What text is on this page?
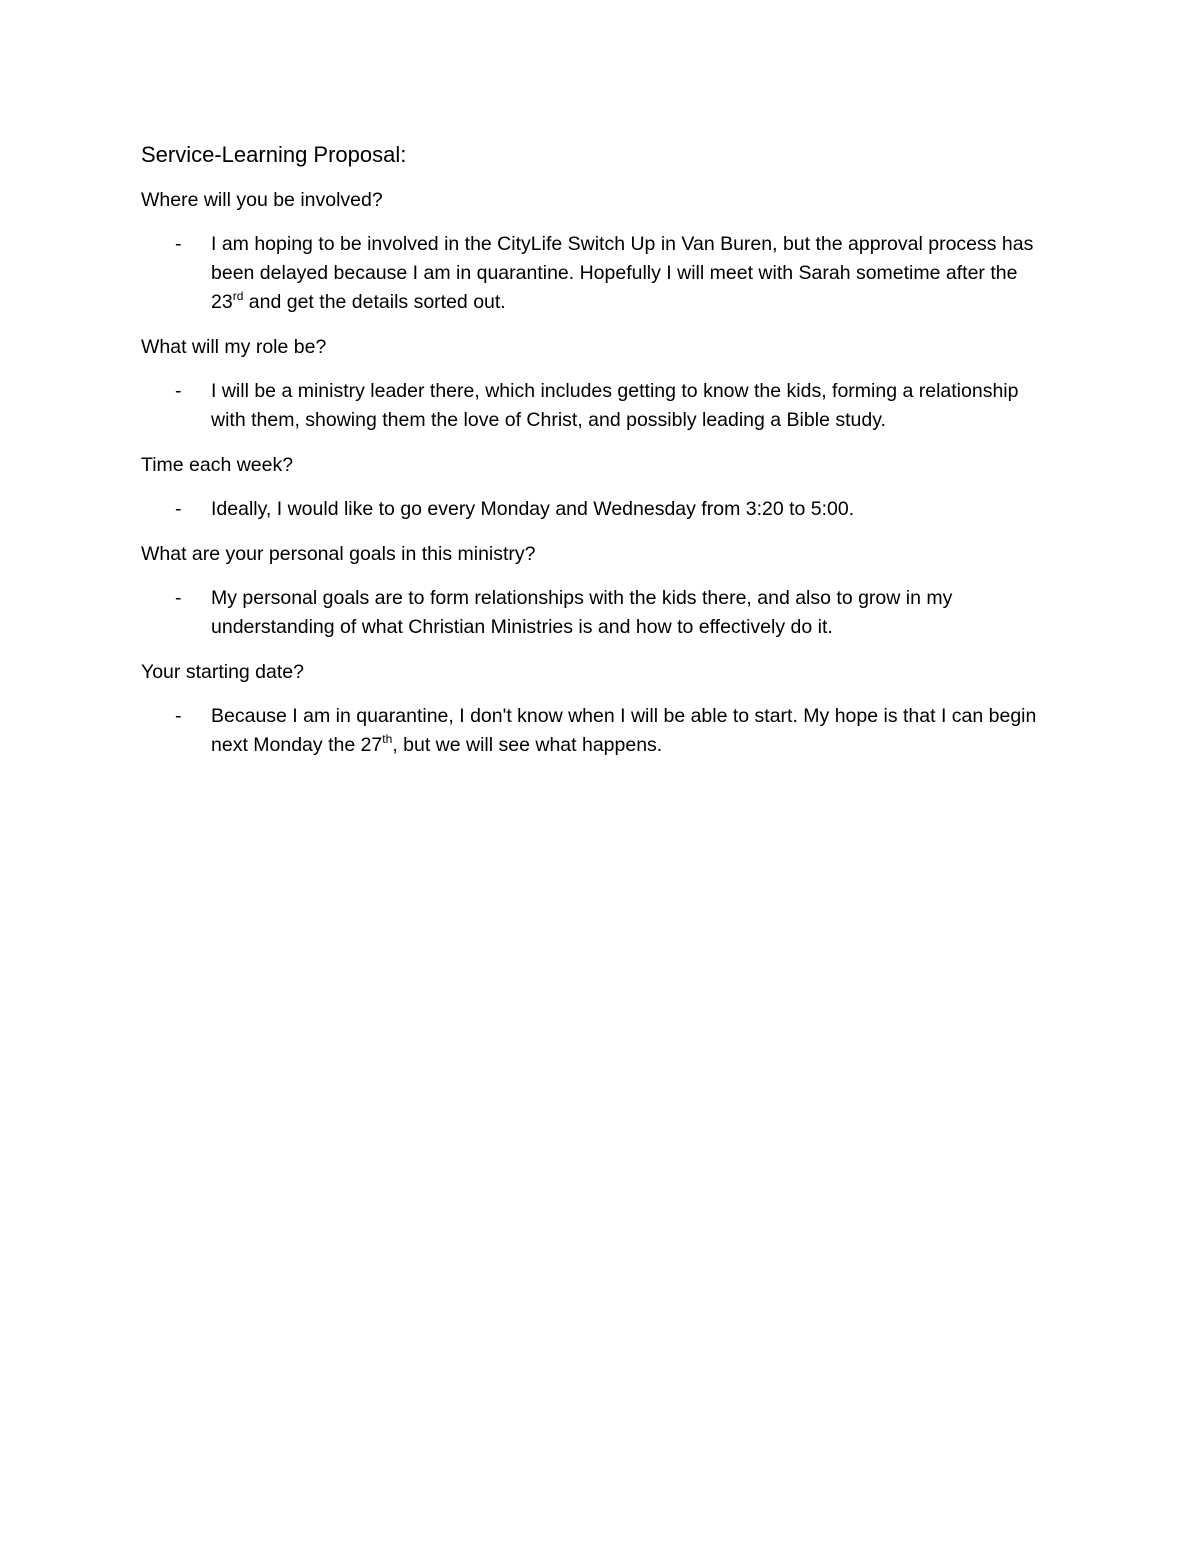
Service-Learning Proposal:
Where will you be involved?
-	I am hoping to be involved in the CityLife Switch Up in Van Buren, but the approval process has been delayed because I am in quarantine. Hopefully I will meet with Sarah sometime after the 23rd and get the details sorted out.
What will my role be?
-	I will be a ministry leader there, which includes getting to know the kids, forming a relationship with them, showing them the love of Christ, and possibly leading a Bible study.
Time each week?
-	Ideally, I would like to go every Monday and Wednesday from 3:20 to 5:00.
What are your personal goals in this ministry?
-	My personal goals are to form relationships with the kids there, and also to grow in my understanding of what Christian Ministries is and how to effectively do it.
Your starting date?
-	Because I am in quarantine, I don't know when I will be able to start. My hope is that I can begin next Monday the 27th, but we will see what happens.
